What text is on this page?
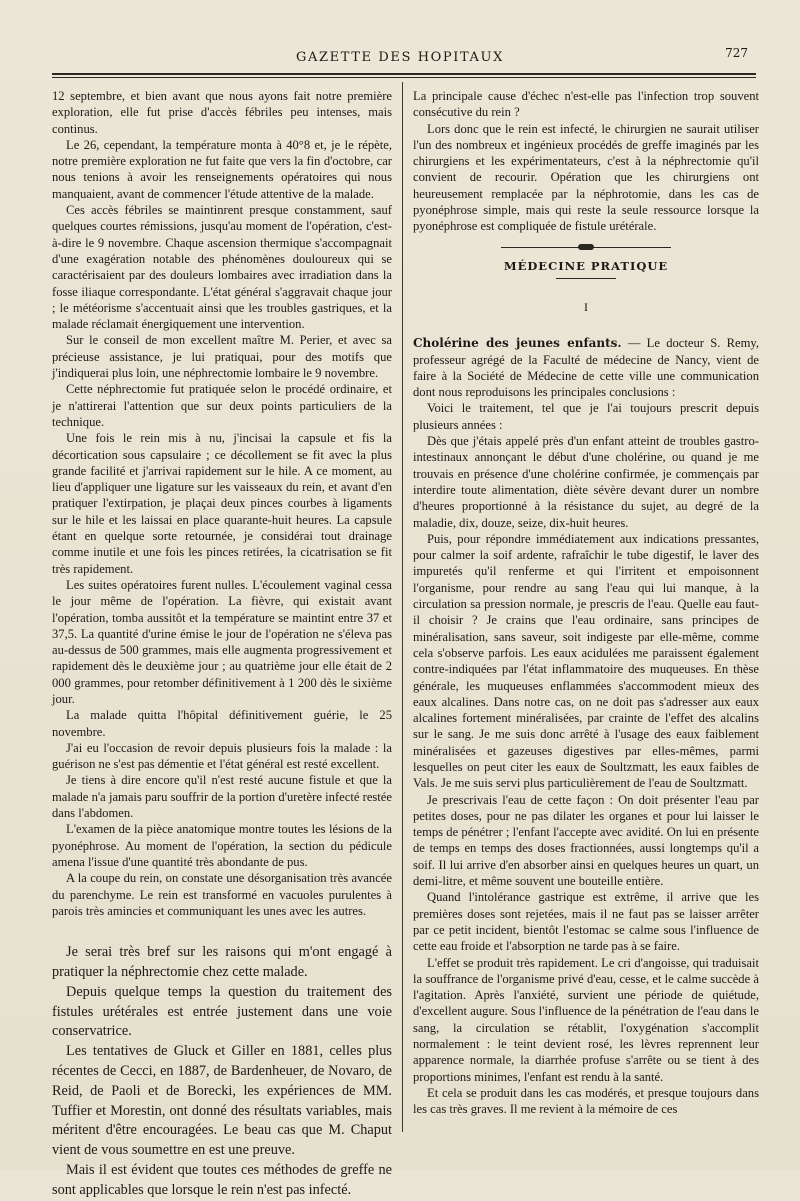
GAZETTE DES HOPITAUX	727

12 septembre, et bien avant que nous ayons fait notre première exploration, elle fut prise d'accès fébriles peu intenses, mais continus.

Le 26, cependant, la température monta à 40°8 et, je le répète, notre première exploration ne fut faite que vers la fin d'octobre, car nous tenions à avoir les renseignements opératoires qui nous manquaient, avant de commencer l'étude attentive de la malade.

Ces accès fébriles se maintinrent presque constamment, sauf quelques courtes rémissions, jusqu'au moment de l'opération, c'est-à-dire le 9 novembre. Chaque ascension thermique s'accompagnait d'une exagération notable des phénomènes douloureux qui se caractérisaient par des douleurs lombaires avec irradiation dans la fosse iliaque correspondante. L'état général s'aggravait chaque jour ; le météorisme s'accentuait ainsi que les troubles gastriques, et la malade réclamait énergiquement une intervention.

Sur le conseil de mon excellent maître M. Perier, et avec sa précieuse assistance, je lui pratiquai, pour des motifs que j'indiquerai plus loin, une néphrectomie lombaire le 9 novembre.

Cette néphrectomie fut pratiquée selon le procédé ordinaire, et je n'attirerai l'attention que sur deux points particuliers de la technique.

Une fois le rein mis à nu, j'incisai la capsule et fis la décortication sous capsulaire ; ce décollement se fit avec la plus grande facilité et j'arrivai rapidement sur le hile. A ce moment, au lieu d'appliquer une ligature sur les vaisseaux du rein, et avant d'en pratiquer l'extirpation, je plaçai deux pinces courbes à ligaments sur le hile et les laissai en place quarante-huit heures. La capsule étant en quelque sorte retournée, je considérai tout drainage comme inutile et une fois les pinces retirées, la cicatrisation se fit très rapidement.

Les suites opératoires furent nulles. L'écoulement vaginal cessa le jour même de l'opération. La fièvre, qui existait avant l'opération, tomba aussitôt et la température se maintint entre 37 et 37,5. La quantité d'urine émise le jour de l'opération ne s'éleva pas au-dessus de 500 grammes, mais elle augmenta progressivement et rapidement dès le deuxième jour ; au quatrième jour elle était de 2 000 grammes, pour retomber définitivement à 1 200 dès le sixième jour.

La malade quitta l'hôpital définitivement guérie, le 25 novembre.

J'ai eu l'occasion de revoir depuis plusieurs fois la malade : la guérison ne s'est pas démentie et l'état général est resté excellent.

Je tiens à dire encore qu'il n'est resté aucune fistule et que la malade n'a jamais paru souffrir de la portion d'uretère infecté restée dans l'abdomen.

L'examen de la pièce anatomique montre toutes les lésions de la pyonéphrose. Au moment de l'opération, la section du pédicule amena l'issue d'une quantité très abondante de pus.

A la coupe du rein, on constate une désorganisation très avancée du parenchyme. Le rein est transformé en vacuoles purulentes à parois très amincies et communiquant les unes avec les autres.

Je serai très bref sur les raisons qui m'ont engagé à pratiquer la néphrectomie chez cette malade.

Depuis quelque temps la question du traitement des fistules urétérales est entrée justement dans une voie conservatrice.

Les tentatives de Gluck et Giller en 1881, celles plus récentes de Cecci, en 1887, de Bardenheuer, de Novaro, de Reid, de Paoli et de Borecki, les expériences de MM. Tuffier et Morestin, ont donné des résultats variables, mais méritent d'être encouragées. Le beau cas que M. Chaput vient de vous soumettre en est une preuve.

Mais il est évident que toutes ces méthodes de greffe ne sont applicables que lorsque le rein n'est pas infecté.

La principale cause d'échec n'est-elle pas l'infection trop souvent consécutive du rein ?

Lors donc que le rein est infecté, le chirurgien ne saurait utiliser l'un des nombreux et ingénieux procédés de greffe imaginés par les chirurgiens et les expérimentateurs, c'est à la néphrectomie qu'il convient de recourir. Opération que les chirurgiens ont heureusement remplacée par la néphrotomie, dans les cas de pyonéphrose simple, mais qui reste la seule ressource lorsque la pyonéphrose est compliquée de fistule urétérale.

MÉDECINE PRATIQUE
I

Cholérine des jeunes enfants. — Le docteur S. Remy, professeur agrégé de la Faculté de médecine de Nancy, vient de faire à la Société de Médecine de cette ville une communication dont nous reproduisons les principales conclusions :

Voici le traitement, tel que je l'ai toujours prescrit depuis plusieurs années :

Dès que j'étais appelé près d'un enfant atteint de troubles gastro-intestinaux annonçant le début d'une cholérine, ou quand je me trouvais en présence d'une cholérine confirmée, je commençais par interdire toute alimentation, diète sévère devant durer un nombre d'heures proportionné à la résistance du sujet, au degré de la maladie, dix, douze, seize, dix-huit heures.

Puis, pour répondre immédiatement aux indications pressantes, pour calmer la soif ardente, rafraîchir le tube digestif, le laver des impuretés qu'il renferme et qui l'irritent et empoisonnent l'organisme, pour rendre au sang l'eau qui lui manque, à la circulation sa pression normale, je prescris de l'eau. Quelle eau faut-il choisir ? Je crains que l'eau ordinaire, sans principes de minéralisation, sans saveur, soit indigeste par elle-même, comme cela s'observe parfois. Les eaux acidulées me paraissent également contre-indiquées par l'état inflammatoire des muqueuses. En thèse générale, les muqueuses enflammées s'accommodent mieux des eaux alcalines. Dans notre cas, on ne doit pas s'adresser aux eaux alcalines fortement minéralisées, par crainte de l'effet des alcalins sur le sang. Je me suis donc arrêté à l'usage des eaux faiblement minéralisées et gazeuses digestives par elles-mêmes, parmi lesquelles on peut citer les eaux de Soultzmatt, les eaux faibles de Vals. Je me suis servi plus particulièrement de l'eau de Soultzmatt.

Je prescrivais l'eau de cette façon : On doit présenter l'eau par petites doses, pour ne pas dilater les organes et pour lui laisser le temps de pénétrer ; l'enfant l'accepte avec avidité. On lui en présente de temps en temps des doses fractionnées, aussi longtemps qu'il a soif. Il lui arrive d'en absorber ainsi en quelques heures un quart, un demi-litre, et même souvent une bouteille entière.

Quand l'intolérance gastrique est extrême, il arrive que les premières doses sont rejetées, mais il ne faut pas se laisser arrêter par ce petit incident, bientôt l'estomac se calme sous l'influence de cette eau froide et l'absorption ne tarde pas à se faire.

L'effet se produit très rapidement. Le cri d'angoisse, qui traduisait la souffrance de l'organisme privé d'eau, cesse, et le calme succède à l'agitation. Après l'anxiété, survient une période de quiétude, d'excellent augure. Sous l'influence de la pénétration de l'eau dans le sang, la circulation se rétablit, l'oxygénation s'accomplit normalement : le teint devient rosé, les lèvres reprennent leur apparence normale, la diarrhée profuse s'arrête ou se tient à des proportions minimes, l'enfant est rendu à la santé.

Et cela se produit dans les cas modérés, et presque toujours dans les cas très graves. Il me revient à la mémoire de ces
